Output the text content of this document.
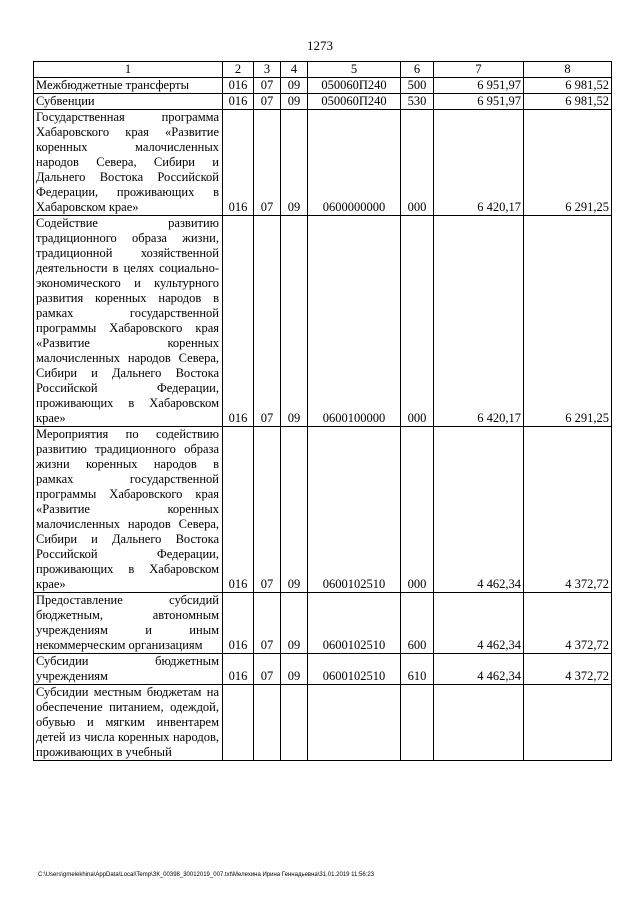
1273
1	2	3	4	5	6	7	8
Межбюджетные трансферты	016	07	09	050060П240	500	6 951,97	6 981,52
Субвенции	016	07	09	050060П240	530	6 951,97	6 981,52
Государственная программа Хабаровского края «Развитие коренных малочисленных народов Севера, Сибири и Дальнего Востока Российской Федерации, проживающих в Хабаровском крае»	016	07	09	0600000000	000	6 420,17	6 291,25
Содействие развитию традиционного образа жизни, традиционной хозяйственной деятельности в целях социально-экономического и культурного развития коренных народов в рамках государственной программы Хабаровского края «Развитие коренных малочисленных народов Севера, Сибири и Дальнего Востока Российской Федерации, проживающих в Хабаровском крае»	016	07	09	0600100000	000	6 420,17	6 291,25
Мероприятия по содействию развитию традиционного образа жизни коренных народов в рамках государственной программы Хабаровского края «Развитие коренных малочисленных народов Севера, Сибири и Дальнего Востока Российской Федерации, проживающих в Хабаровском крае»	016	07	09	0600102510	000	4 462,34	4 372,72
Предоставление субсидий бюджетным, автономным учреждениям и иным некоммерческим организациям	016	07	09	0600102510	600	4 462,34	4 372,72
Субсидии бюджетным учреждениям	016	07	09	0600102510	610	4 462,34	4 372,72
Субсидии местным бюджетам на обеспечение питанием, одеждой, обувью и мягким инвентарем детей из числа коренных народов, проживающих в учебный							
C:\Users\gmelekhina\AppData\Local\Temp\ЗК_00398_30012019_007.txt\Мелехина Ирина Геннадьевна\31.01.2019 11:56:23
